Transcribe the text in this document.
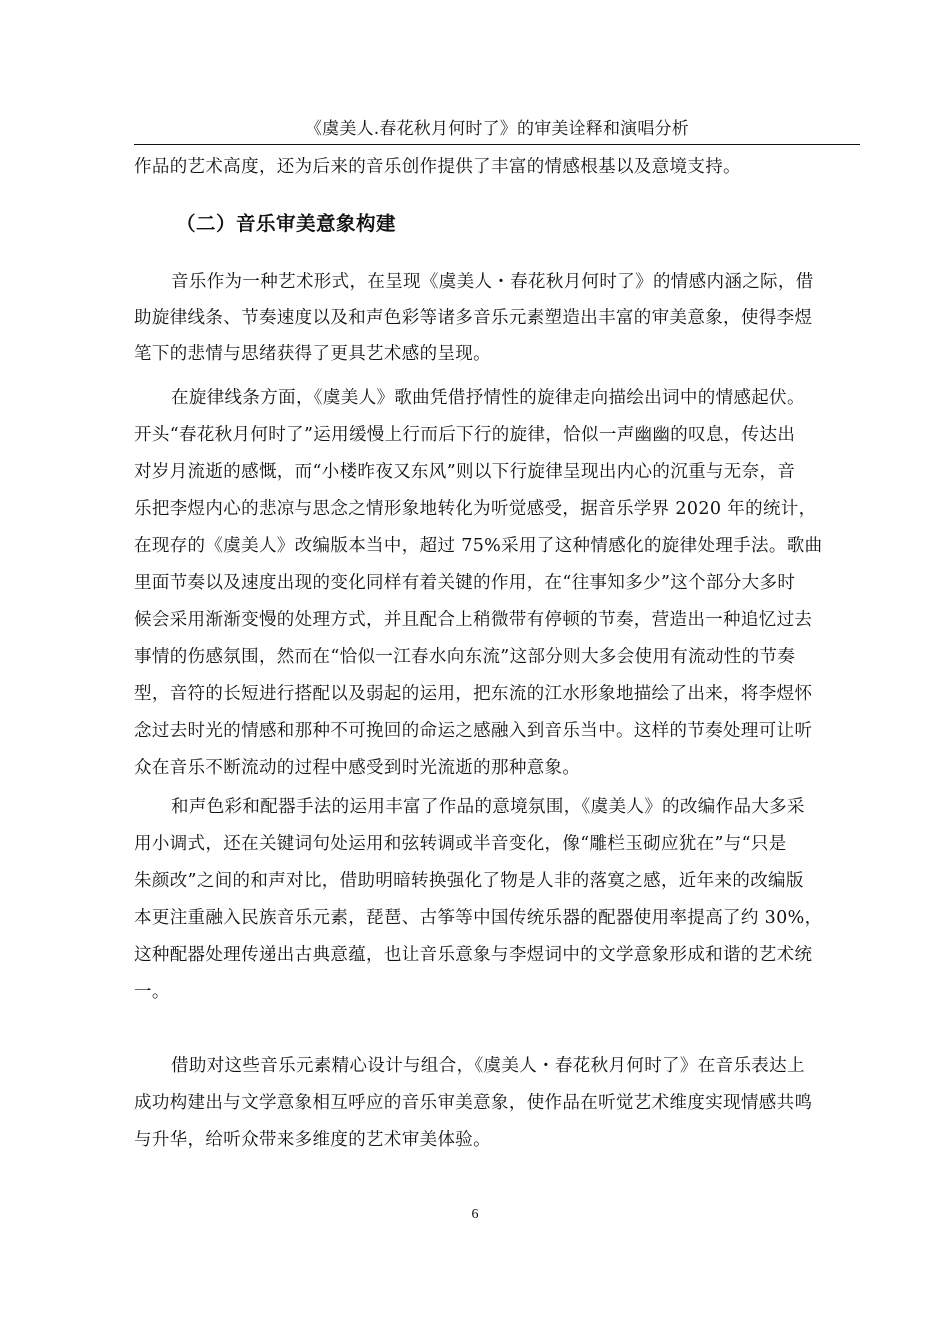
《虞美人.春花秋月何时了》的审美诠释和演唱分析
作品的艺术高度，还为后来的音乐创作提供了丰富的情感根基以及意境支持。
（二）音乐审美意象构建
音乐作为一种艺术形式，在呈现《虞美人・春花秋月何时了》的情感内涵之际，借
助旋律线条、节奏速度以及和声色彩等诸多音乐元素塑造出丰富的审美意象，使得李煜
笔下的悲情与思绪获得了更具艺术感的呈现。
在旋律线条方面，《虞美人》歌曲凭借抒情性的旋律走向描绘出词中的情感起伏。
开头“春花秋月何时了”运用缓慢上行而后下行的旋律，恰似一声幽幽的叹息，传达出
对岁月流逝的感慨，而“小楼昨夜又东风”则以下行旋律呈现出内心的沉重与无奈，音
乐把李煜内心的悲凉与思念之情形象地转化为听觉感受，据音乐学界 2020 年的统计，
在现存的《虞美人》改编版本当中，超过 75%采用了这种情感化的旋律处理手法。歌曲
里面节奏以及速度出现的变化同样有着关键的作用，在“往事知多少”这个部分大多时
候会采用渐渐变慢的处理方式，并且配合上稍微带有停顿的节奏，营造出一种追忆过去
事情的伤感氛围，然而在“恰似一江春水向东流”这部分则大多会使用有流动性的节奏
型，音符的长短进行搭配以及弱起的运用，把东流的江水形象地描绘了出来，将李煜怀
念过去时光的情感和那种不可挽回的命运之感融入到音乐当中。这样的节奏处理可让听
众在音乐不断流动的过程中感受到时光流逝的那种意象。
和声色彩和配器手法的运用丰富了作品的意境氛围，《虞美人》的改编作品大多采
用小调式，还在关键词句处运用和弦转调或半音变化，像“雕栏玉砌应犹在”与“只是
朱颜改”之间的和声对比，借助明暗转换强化了物是人非的落寞之感，近年来的改编版
本更注重融入民族音乐元素，琵琶、古筝等中国传统乐器的配器使用率提高了约 30%，
这种配器处理传递出古典意蕴，也让音乐意象与李煜词中的文学意象形成和谐的艺术统
一。
借助对这些音乐元素精心设计与组合，《虞美人・春花秋月何时了》在音乐表达上
成功构建出与文学意象相互呼应的音乐审美意象，使作品在听觉艺术维度实现情感共鸣
与升华，给听众带来多维度的艺术审美体验。
6
